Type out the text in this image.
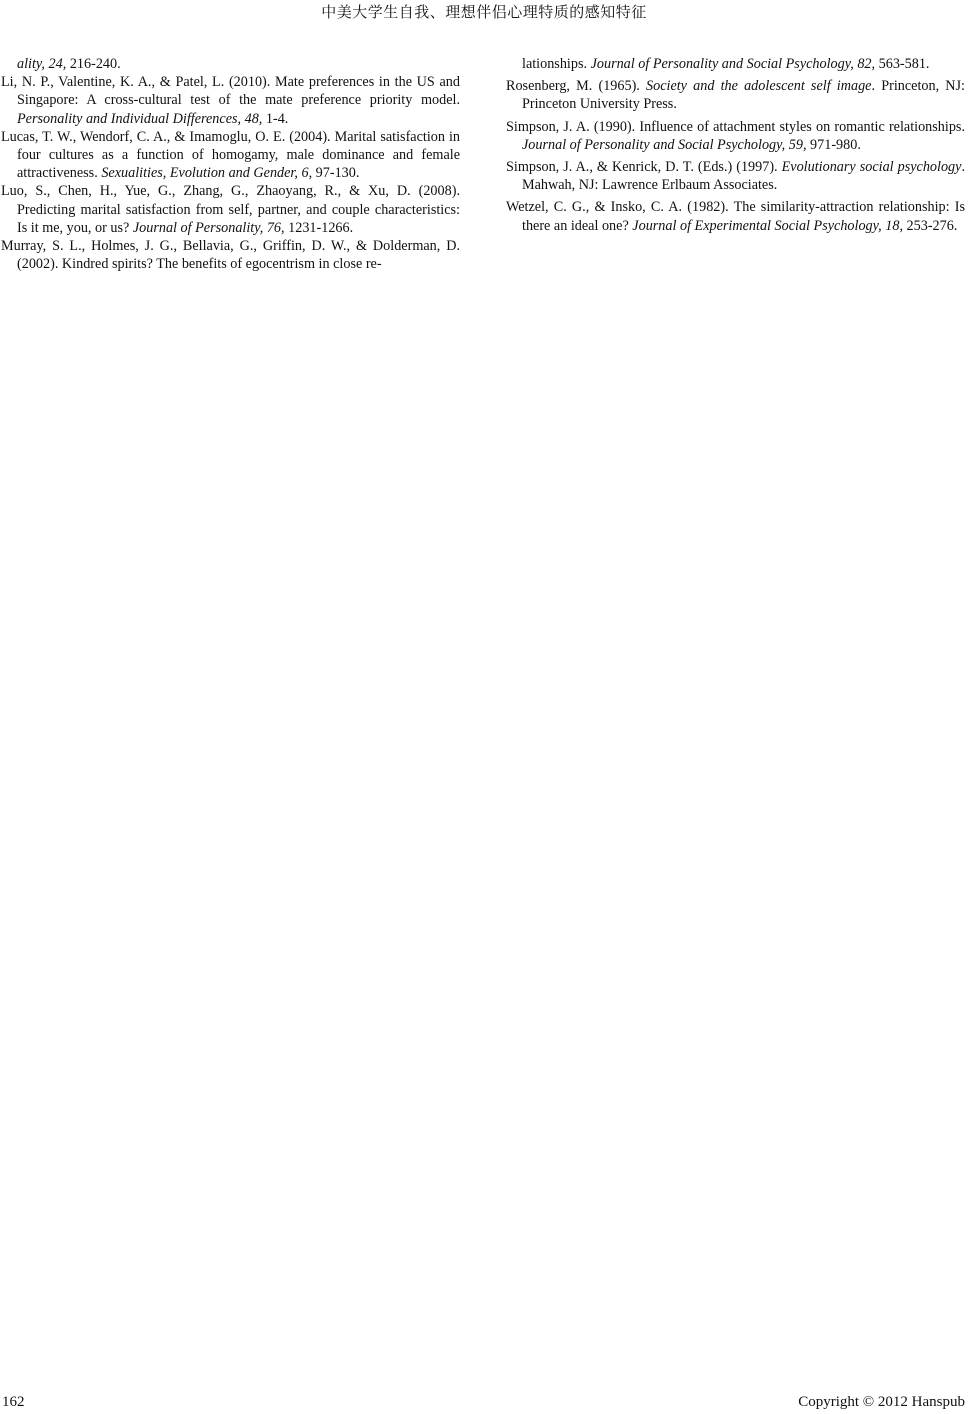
中美大学生自我、理想伴侣心理特质的感知特征

ality, 24, 216-240.

Li, N. P., Valentine, K. A., & Patel, L. (2010). Mate preferences in the US and Singapore: A cross-cultural test of the mate preference priority model. Personality and Individual Differences, 48, 1-4.

Lucas, T. W., Wendorf, C. A., & Imamoglu, O. E. (2004). Marital satisfaction in four cultures as a function of homogamy, male dominance and female attractiveness. Sexualities, Evolution and Gender, 6, 97-130.

Luo, S., Chen, H., Yue, G., Zhang, G., Zhaoyang, R., & Xu, D. (2008). Predicting marital satisfaction from self, partner, and couple characteristics: Is it me, you, or us? Journal of Personality, 76, 1231-1266.

Murray, S. L., Holmes, J. G., Bellavia, G., Griffin, D. W., & Dolderman, D. (2002). Kindred spirits? The benefits of egocentrism in close re-

lationships. Journal of Personality and Social Psychology, 82, 563-581.

Rosenberg, M. (1965). Society and the adolescent self image. Princeton, NJ: Princeton University Press.

Simpson, J. A. (1990). Influence of attachment styles on romantic relationships. Journal of Personality and Social Psychology, 59, 971-980.

Simpson, J. A., & Kenrick, D. T. (Eds.) (1997). Evolutionary social psychology. Mahwah, NJ: Lawrence Erlbaum Associates.

Wetzel, C. G., & Insko, C. A. (1982). The similarity-attraction relationship: Is there an ideal one? Journal of Experimental Social Psychology, 18, 253-276.

162	Copyright © 2012 Hanspub
